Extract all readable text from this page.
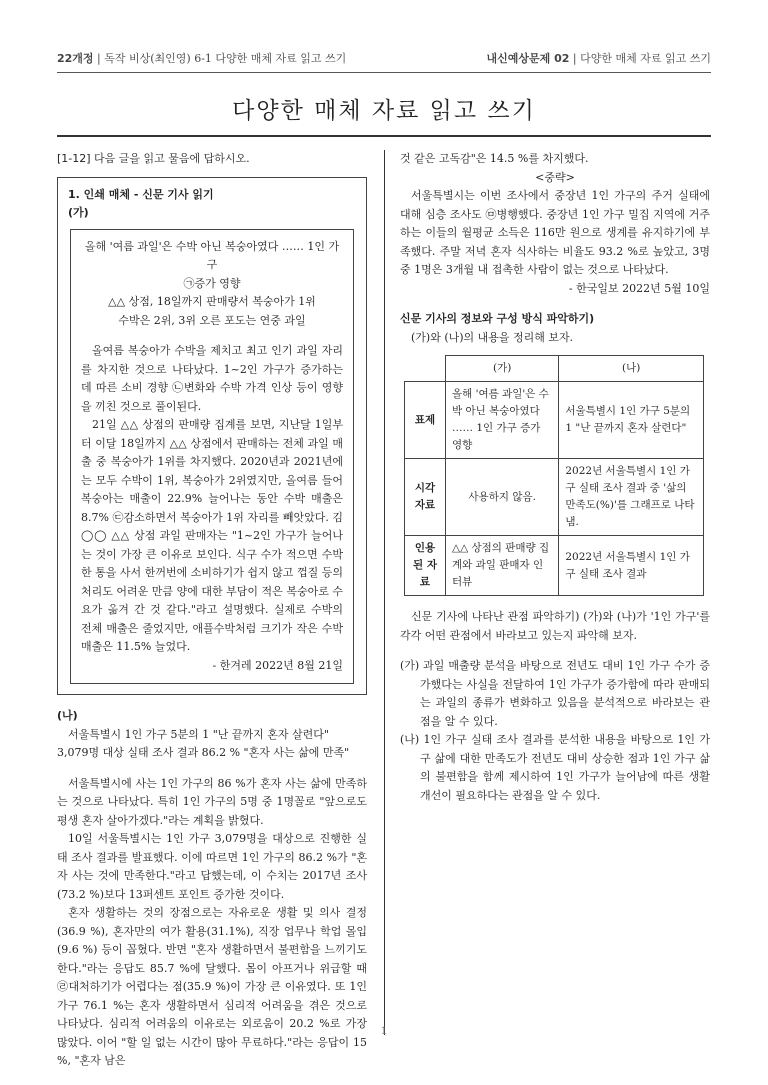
22개정 | 독작 비상(최인영) 6-1 다양한 매체 자료 읽고 쓰기	내신예상문제 02 | 다양한 매체 자료 읽고 쓰기
다양한 매체 자료 읽고 쓰기

[1-12] 다음 글을 읽고 물음에 답하시오.

1. 인쇄 매체 - 신문 기사 읽기

(가)

올해 '여름 과일'은 수박 아닌 복숭아였다 …… 1인 가구
㉠증가 영향
△△ 상점, 18일까지 판매량서 복숭아가 1위
수박은 2위, 3위 오른 포도는 연중 과일

올여름 복숭아가 수박을 제치고 최고 인기 과일 자리를 차지한 것으로 나타났다. 1~2인 가구가 증가하는 데 따른 소비 경향 ㉡변화와 수박 가격 인상 등이 영향을 끼친 것으로 풀이된다.

21일 △△ 상점의 판매량 집계를 보면, 지난달 1일부터 이달 18일까지 △△ 상점에서 판매하는 전체 과일 매출 중 복숭아가 1위를 차지했다. 2020년과 2021년에는 모두 수박이 1위, 복숭아가 2위였지만, 올여름 들어 복숭아는 매출이 22.9% 늘어나는 동안 수박 매출은 8.7% ㉢감소하면서 복숭아가 1위 자리를 빼앗았다. 김◯◯ △△ 상점 과일 판매자는 "1~2인 가구가 늘어나는 것이 가장 큰 이유로 보인다. 식구 수가 적으면 수박 한 통을 사서 한꺼번에 소비하기가 쉽지 않고 껍질 등의 처리도 어려운 만큼 양에 대한 부담이 적은 복숭아로 수요가 옮겨 간 것 같다."라고 설명했다. 실제로 수박의 전체 매출은 줄었지만, 애플수박처럼 크기가 작은 수박 매출은 11.5% 늘었다.

- 한겨레 2022년 8월 21일

(나)

서울특별시 1인 가구 5분의 1 "난 끝까지 혼자 살련다"

3,079명 대상 실태 조사 결과 86.2 % "혼자 사는 삶에 만족"

서울특별시에 사는 1인 가구의 86 %가 혼자 사는 삶에 만족하는 것으로 나타났다. 특히 1인 가구의 5명 중 1명꼴로 "앞으로도 평생 혼자 살아가겠다."라는 계획을 밝혔다.

10일 서울특별시는 1인 가구 3,079명을 대상으로 진행한 실태 조사 결과를 발표했다. 이에 따르면 1인 가구의 86.2 %가 "혼자 사는 것에 만족한다."라고 답했는데, 이 수치는 2017년 조사(73.2 %)보다 13퍼센트 포인트 증가한 것이다.

혼자 생활하는 것의 장점으로는 자유로운 생활 및 의사 결정(36.9 %), 혼자만의 여가 활용(31.1%), 직장 업무나 학업 몰입(9.6 %) 등이 꼽혔다. 반면 "혼자 생활하면서 불편함을 느끼기도 한다."라는 응답도 85.7 %에 달했다. 몸이 아프거나 위급할 때 ㉣대처하기가 어렵다는 점(35.9 %)이 가장 큰 이유였다. 또 1인 가구 76.1 %는 혼자 생활하면서 심리적 어려움을 겪은 것으로 나타났다. 심리적 어려움의 이유로는 외로움이 20.2 %로 가장 많았다. 이어 "할 일 없는 시간이 많아 무료하다."라는 응답이 15 %, "혼자 남은

것 같은 고독감"은 14.5 %를 차지했다.

<중략>

서울특별시는 이번 조사에서 중장년 1인 가구의 주거 실태에 대해 심층 조사도 ㉤병행했다. 중장년 1인 가구 밀집 지역에 거주하는 이들의 월평균 소득은 116만 원으로 생계를 유지하기에 부족했다. 주말 저녁 혼자 식사하는 비율도 93.2 %로 높았고, 3명 중 1명은 3개월 내 접촉한 사람이 없는 것으로 나타났다.

- 한국일보 2022년 5월 10일

신문 기사의 정보와 구성 방식 파악하기)

(가)와 (나)의 내용을 정리해 보자.

	(가)	(나)
표제	올해 '여름 과일'은 수박 아닌 복숭아였다 …… 1인 가구 증가 영향	서울특별시 1인 가구 5분의 1 "난 끝까지 혼자 살련다"
시각 자료	사용하지 않음.	2022년 서울특별시 1인 가구 실태 조사 결과 중 '삶의 만족도(%)'를 그래프로 나타냄.
인용된 자료	△△ 상점의 판매량 집계와 과일 판매자 인터뷰	2022년 서울특별시 1인 가구 실태 조사 결과

신문 기사에 나타난 관점 파악하기) (가)와 (나)가 '1인 가구'를 각각 어떤 관점에서 바라보고 있는지 파악해 보자.

(가) 과일 매출량 분석을 바탕으로 전년도 대비 1인 가구 수가 증가했다는 사실을 전달하여 1인 가구가 증가함에 따라 판매되는 과일의 종류가 변화하고 있음을 분석적으로 바라보는 관점을 알 수 있다.

(나) 1인 가구 실태 조사 결과를 분석한 내용을 바탕으로 1인 가구 삶에 대한 만족도가 전년도 대비 상승한 점과 1인 가구 삶의 불편함을 함께 제시하여 1인 가구가 늘어남에 따른 생활 개선이 필요하다는 관점을 알 수 있다.

1
